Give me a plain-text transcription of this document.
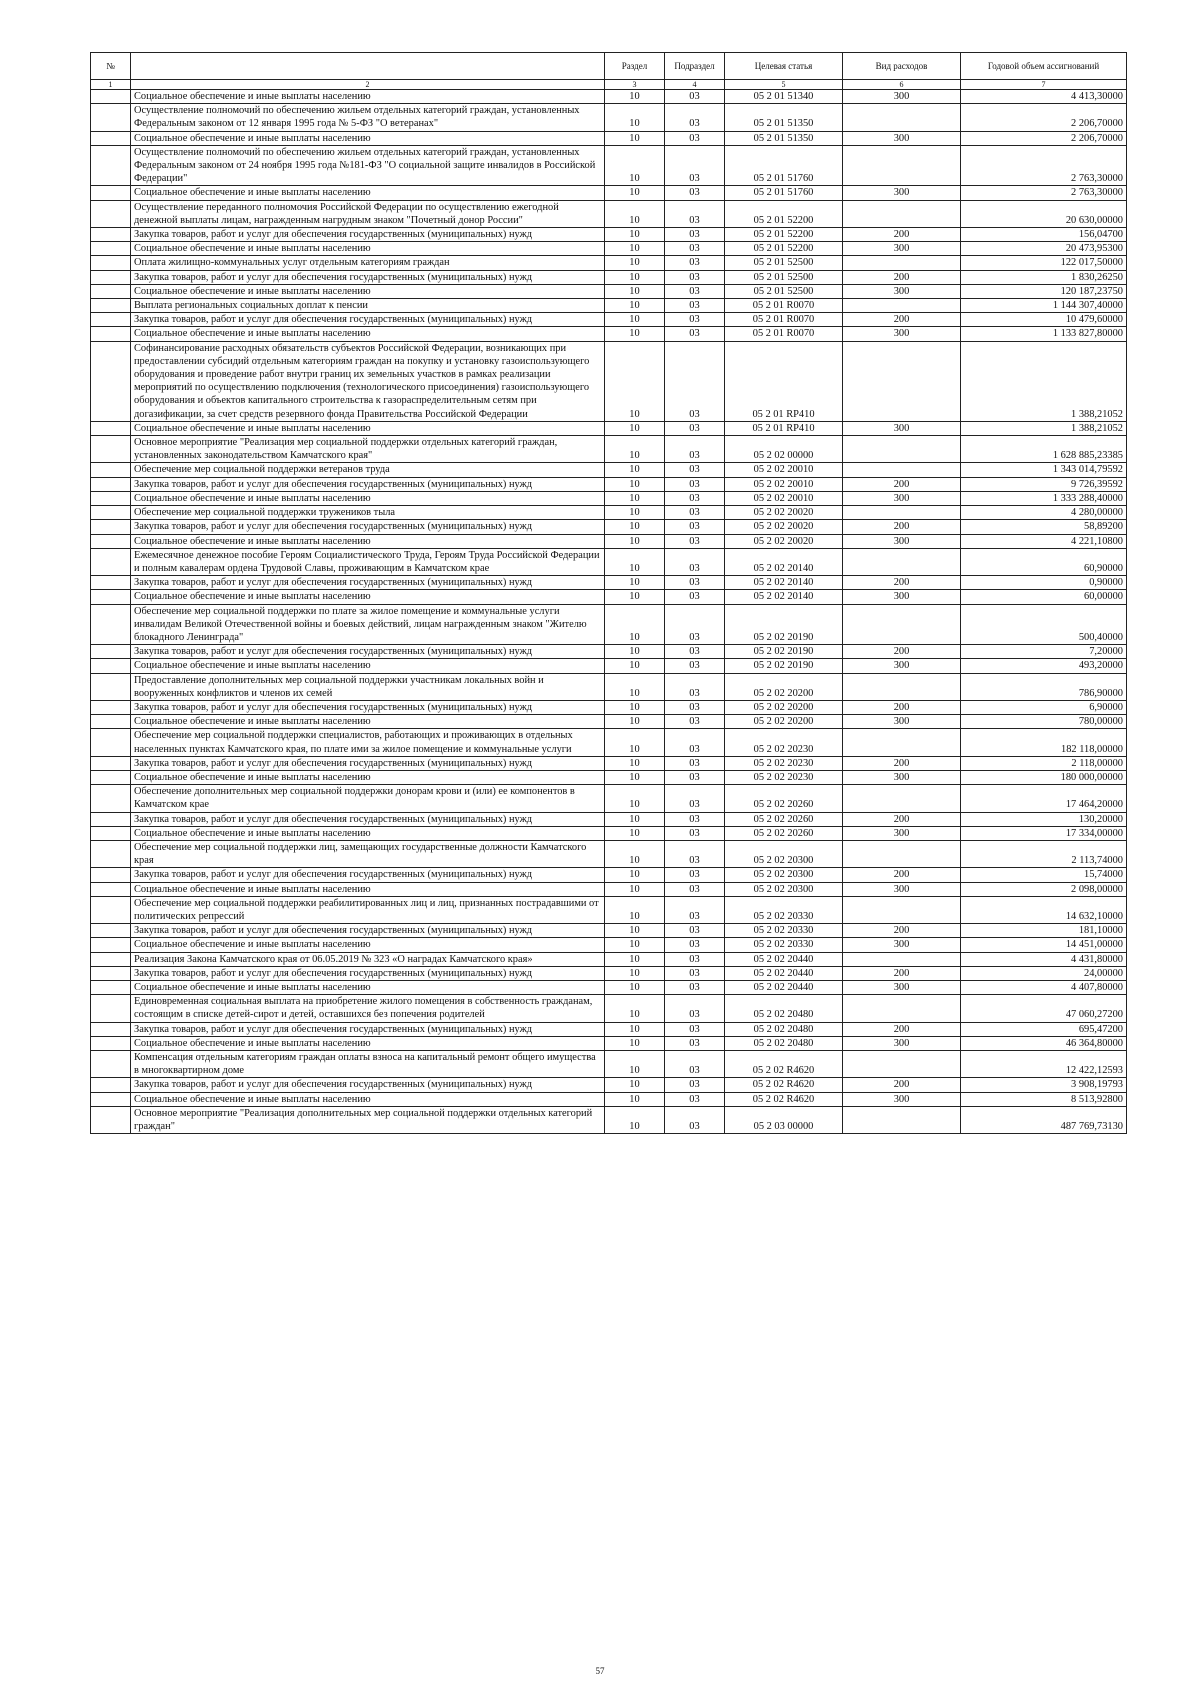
№		Раздел	Подраздел	Целевая статья	Вид расходов	Годовой объем ассигнований
1	2	3	4	5	6	7
	Социальное обеспечение и иные выплаты населению	10	03	05 2 01 51340	300	4 413,30000
	Осуществление полномочий по обеспечению жильем отдельных категорий граждан, установленных Федеральным законом от 12 января 1995 года № 5-ФЗ "О ветеранах"	10	03	05 2 01 51350		2 206,70000
	Социальное обеспечение и иные выплаты населению	10	03	05 2 01 51350	300	2 206,70000
	Осуществление полномочий по обеспечению жильем отдельных категорий граждан, установленных Федеральным законом от 24 ноября 1995 года №181-ФЗ "О социальной защите инвалидов в Российской Федерации"	10	03	05 2 01 51760		2 763,30000
	Социальное обеспечение и иные выплаты населению	10	03	05 2 01 51760	300	2 763,30000
	Осуществление переданного полномочия Российской Федерации по осуществлению ежегодной денежной выплаты лицам, награжденным нагрудным знаком "Почетный донор России"	10	03	05 2 01 52200		20 630,00000
	Закупка товаров, работ и услуг для обеспечения государственных (муниципальных) нужд	10	03	05 2 01 52200	200	156,04700
	Социальное обеспечение и иные выплаты населению	10	03	05 2 01 52200	300	20 473,95300
	Оплата жилищно-коммунальных услуг отдельным категориям граждан	10	03	05 2 01 52500		122 017,50000
	Закупка товаров, работ и услуг для обеспечения государственных (муниципальных) нужд	10	03	05 2 01 52500	200	1 830,26250
	Социальное обеспечение и иные выплаты населению	10	03	05 2 01 52500	300	120 187,23750
	Выплата региональных социальных доплат к пенсии	10	03	05 2 01 R0070		1 144 307,40000
	Закупка товаров, работ и услуг для обеспечения государственных (муниципальных) нужд	10	03	05 2 01 R0070	200	10 479,60000
	Социальное обеспечение и иные выплаты населению	10	03	05 2 01 R0070	300	1 133 827,80000
	Софинансирование расходных обязательств субъектов Российской Федерации, возникающих при предоставлении субсидий отдельным категориям граждан на покупку и установку газоиспользующего оборудования и проведение работ внутри границ их земельных участков в рамках реализации мероприятий по осуществлению подключения (технологического присоединения) газоиспользующего оборудования и объектов капитального строительства к газораспределительным сетям при догазификации, за счет средств резервного фонда Правительства Российской Федерации	10	03	05 2 01 RP410		1 388,21052
	Социальное обеспечение и иные выплаты населению	10	03	05 2 01 RP410	300	1 388,21052
	Основное мероприятие "Реализация мер социальной поддержки отдельных категорий граждан, установленных законодательством Камчатского края"	10	03	05 2 02 00000		1 628 885,23385
	Обеспечение мер социальной поддержки ветеранов труда	10	03	05 2 02 20010		1 343 014,79592
	Закупка товаров, работ и услуг для обеспечения государственных (муниципальных) нужд	10	03	05 2 02 20010	200	9 726,39592
	Социальное обеспечение и иные выплаты населению	10	03	05 2 02 20010	300	1 333 288,40000
	Обеспечение мер социальной поддержки тружеников тыла	10	03	05 2 02 20020		4 280,00000
	Закупка товаров, работ и услуг для обеспечения государственных (муниципальных) нужд	10	03	05 2 02 20020	200	58,89200
	Социальное обеспечение и иные выплаты населению	10	03	05 2 02 20020	300	4 221,10800
	Ежемесячное денежное пособие Героям Социалистического Труда, Героям Труда Российской Федерации и полным кавалерам ордена Трудовой Славы, проживающим в Камчатском крае	10	03	05 2 02 20140		60,90000
	Закупка товаров, работ и услуг для обеспечения государственных (муниципальных) нужд	10	03	05 2 02 20140	200	0,90000
	Социальное обеспечение и иные выплаты населению	10	03	05 2 02 20140	300	60,00000
	Обеспечение мер социальной поддержки по плате за жилое помещение и коммунальные услуги инвалидам Великой Отечественной войны и боевых действий, лицам награжденным знаком "Жителю блокадного Ленинграда"	10	03	05 2 02 20190		500,40000
	Закупка товаров, работ и услуг для обеспечения государственных (муниципальных) нужд	10	03	05 2 02 20190	200	7,20000
	Социальное обеспечение и иные выплаты населению	10	03	05 2 02 20190	300	493,20000
	Предоставление дополнительных мер социальной поддержки участникам локальных войн и вооруженных конфликтов и членов их семей	10	03	05 2 02 20200		786,90000
	Закупка товаров, работ и услуг для обеспечения государственных (муниципальных) нужд	10	03	05 2 02 20200	200	6,90000
	Социальное обеспечение и иные выплаты населению	10	03	05 2 02 20200	300	780,00000
	Обеспечение мер социальной поддержки специалистов, работающих и проживающих в отдельных населенных пунктах Камчатского края, по плате ими за жилое помещение и коммунальные услуги	10	03	05 2 02 20230		182 118,00000
	Закупка товаров, работ и услуг для обеспечения государственных (муниципальных) нужд	10	03	05 2 02 20230	200	2 118,00000
	Социальное обеспечение и иные выплаты населению	10	03	05 2 02 20230	300	180 000,00000
	Обеспечение дополнительных мер социальной поддержки донорам крови и (или) ее компонентов в Камчатском крае	10	03	05 2 02 20260		17 464,20000
	Закупка товаров, работ и услуг для обеспечения государственных (муниципальных) нужд	10	03	05 2 02 20260	200	130,20000
	Социальное обеспечение и иные выплаты населению	10	03	05 2 02 20260	300	17 334,00000
	Обеспечение мер социальной поддержки лиц, замещающих государственные должности Камчатского края	10	03	05 2 02 20300		2 113,74000
	Закупка товаров, работ и услуг для обеспечения государственных (муниципальных) нужд	10	03	05 2 02 20300	200	15,74000
	Социальное обеспечение и иные выплаты населению	10	03	05 2 02 20300	300	2 098,00000
	Обеспечение мер социальной поддержки реабилитированных лиц и лиц, признанных пострадавшими от политических репрессий	10	03	05 2 02 20330		14 632,10000
	Закупка товаров, работ и услуг для обеспечения государственных (муниципальных) нужд	10	03	05 2 02 20330	200	181,10000
	Социальное обеспечение и иные выплаты населению	10	03	05 2 02 20330	300	14 451,00000
	Реализация Закона Камчатского края от 06.05.2019 № 323 «О наградах Камчатского края»	10	03	05 2 02 20440		4 431,80000
	Закупка товаров, работ и услуг для обеспечения государственных (муниципальных) нужд	10	03	05 2 02 20440	200	24,00000
	Социальное обеспечение и иные выплаты населению	10	03	05 2 02 20440	300	4 407,80000
	Единовременная социальная выплата на приобретение жилого помещения в собственность гражданам, состоящим в списке детей-сирот и детей, оставшихся без попечения родителей	10	03	05 2 02 20480		47 060,27200
	Закупка товаров, работ и услуг для обеспечения государственных (муниципальных) нужд	10	03	05 2 02 20480	200	695,47200
	Социальное обеспечение и иные выплаты населению	10	03	05 2 02 20480	300	46 364,80000
	Компенсация отдельным категориям граждан оплаты взноса на капитальный ремонт общего имущества в многоквартирном доме	10	03	05 2 02 R4620		12 422,12593
	Закупка товаров, работ и услуг для обеспечения государственных (муниципальных) нужд	10	03	05 2 02 R4620	200	3 908,19793
	Социальное обеспечение и иные выплаты населению	10	03	05 2 02 R4620	300	8 513,92800
	Основное мероприятие "Реализация дополнительных мер социальной поддержки отдельных категорий граждан"	10	03	05 2 03 00000		487 769,73130
57
